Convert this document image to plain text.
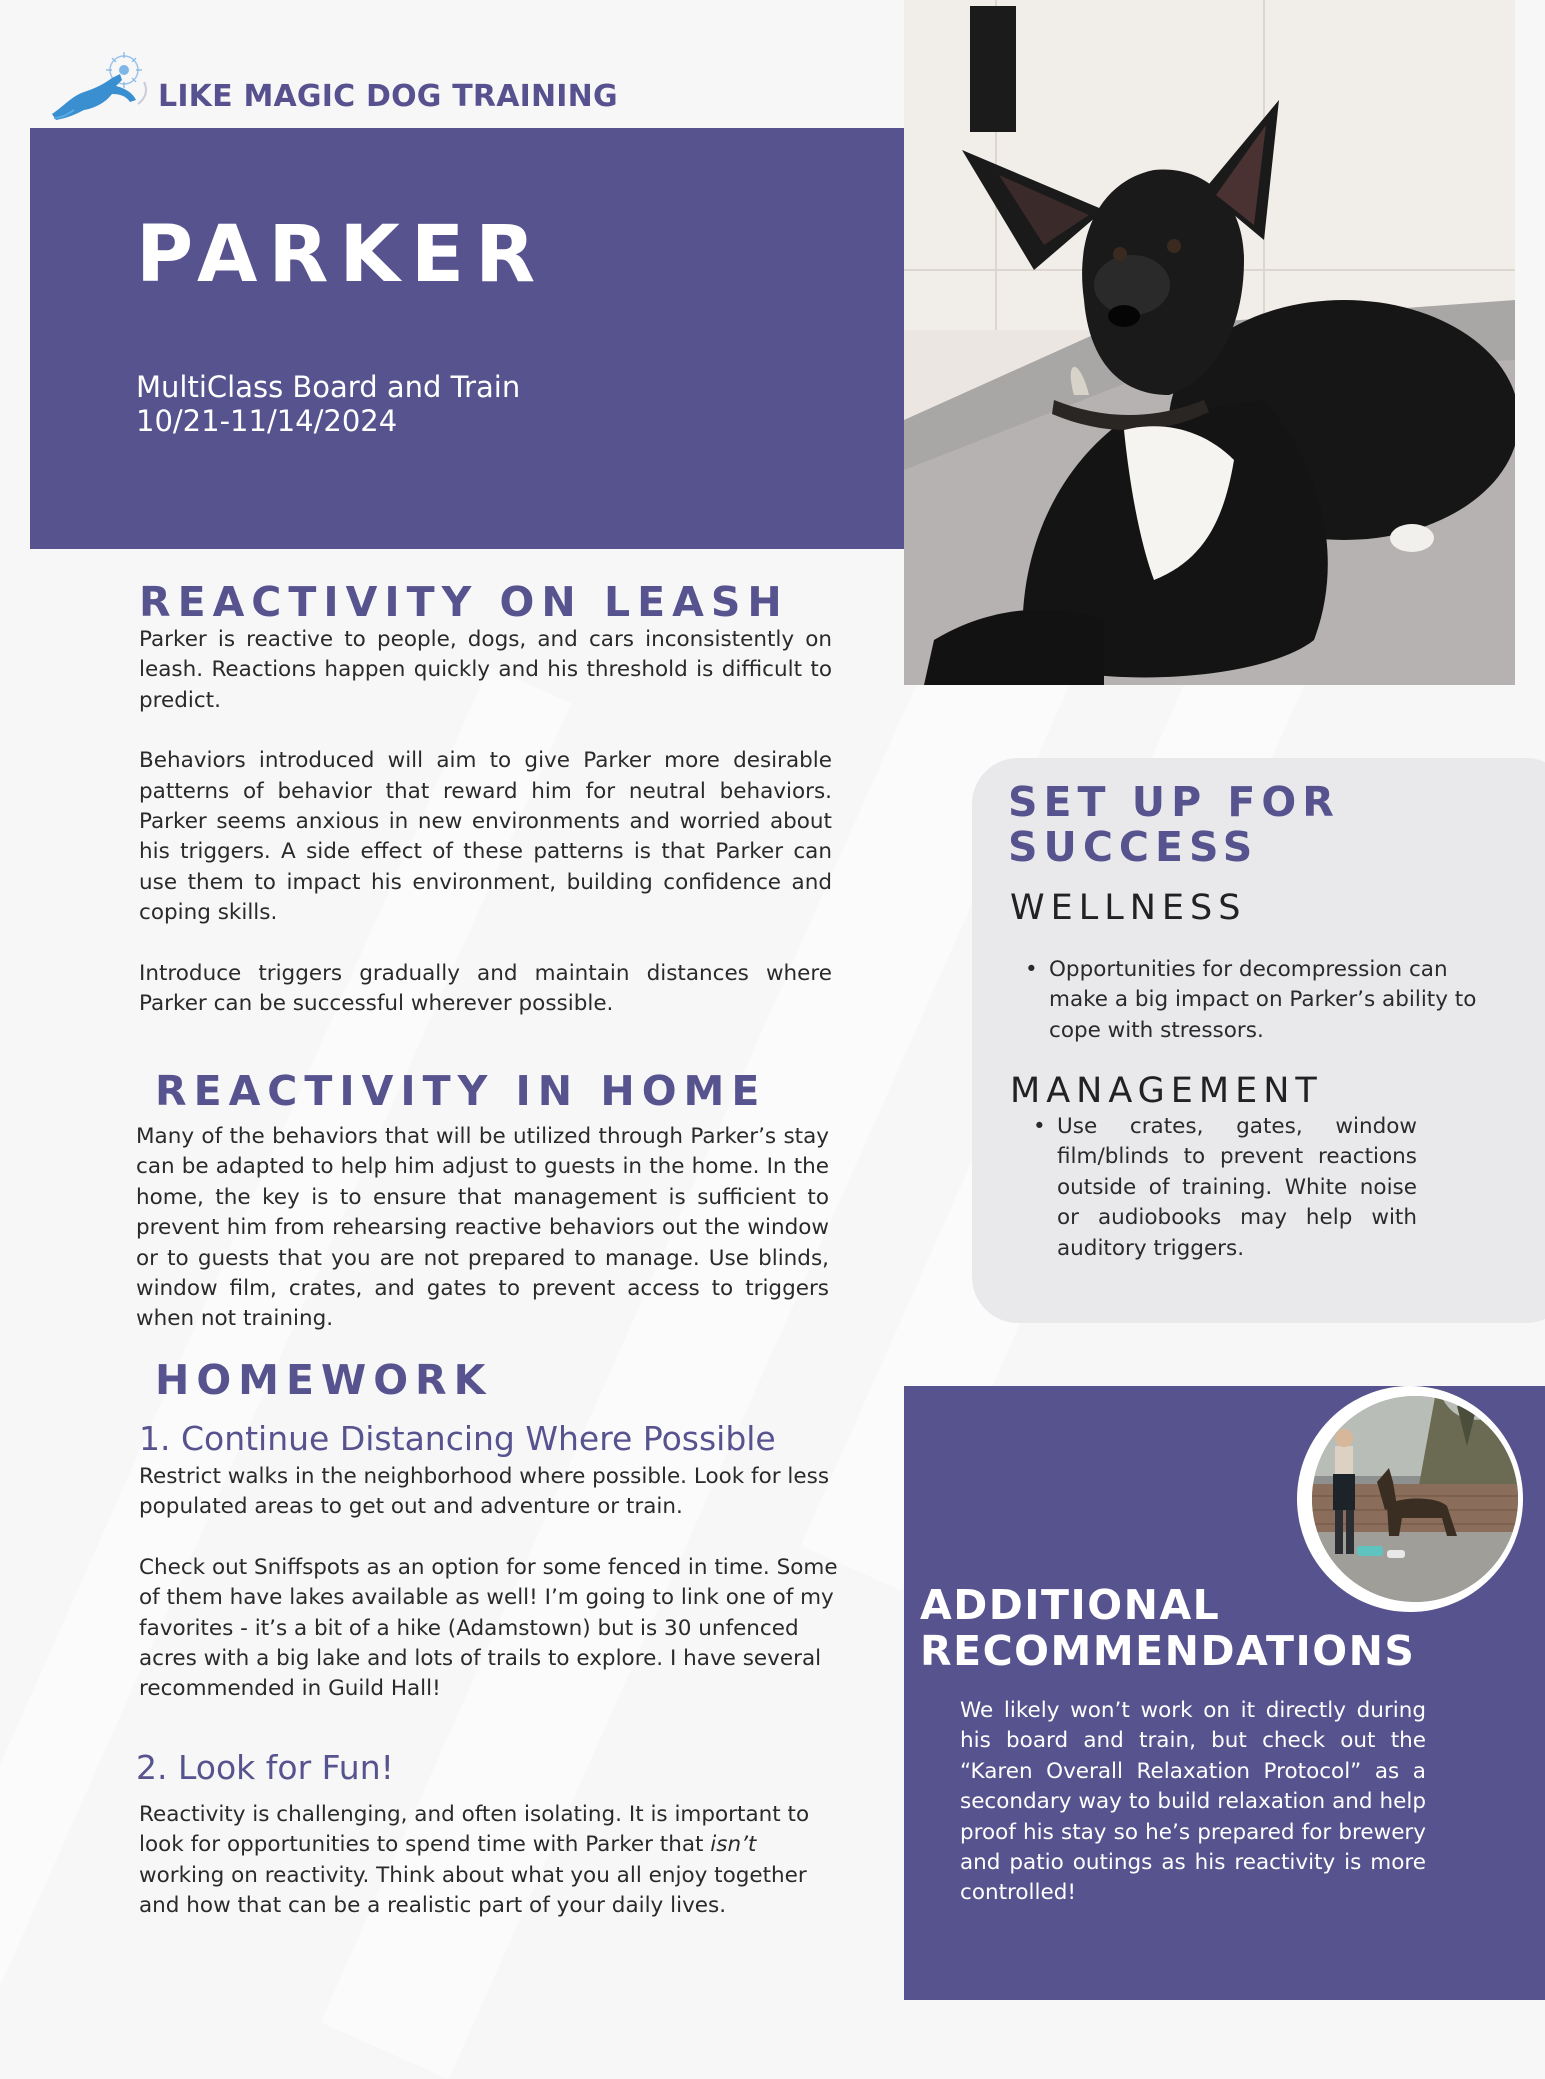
LIKE MAGIC DOG TRAINING
PARKER
MultiClass Board and Train
10/21-11/14/2024
REACTIVITY ON LEASH

Parker is reactive to people, dogs, and cars inconsistently on leash. Reactions happen quickly and his threshold is difficult to predict.

Behaviors introduced will aim to give Parker more desirable patterns of behavior that reward him for neutral behaviors. Parker seems anxious in new environments and worried about his triggers. A side effect of these patterns is that Parker can use them to impact his environment, building confidence and coping skills.

Introduce triggers gradually and maintain distances where Parker can be successful wherever possible.

REACTIVITY IN HOME

Many of the behaviors that will be utilized through Parker’s stay can be adapted to help him adjust to guests in the home. In the home, the key is to ensure that management is sufficient to prevent him from rehearsing reactive behaviors out the window or to guests that you are not prepared to manage. Use blinds, window film, crates, and gates to prevent access to triggers when not training.

HOMEWORK
1. Continue Distancing Where Possible

Restrict walks in the neighborhood where possible. Look for less populated areas to get out and adventure or train.

Check out Sniffspots as an option for some fenced in time. Some of them have lakes available as well! I’m going to link one of my favorites - it’s a bit of a hike (Adamstown) but is 30 unfenced acres with a big lake and lots of trails to explore. I have several recommended in Guild Hall!

2. Look for Fun!

Reactivity is challenging, and often isolating. It is important to look for opportunities to spend time with Parker that isn’t working on reactivity. Think about what you all enjoy together and how that can be a realistic part of your daily lives.

SET UP FOR
SUCCESS
WELLNESS
• Opportunities for decompression can make a big impact on Parker’s ability to cope with stressors.
MANAGEMENT
• Use crates, gates, window film/blinds to prevent reactions outside of training. White noise or audiobooks may help with auditory triggers.
ADDITIONAL
RECOMMENDATIONS

We likely won’t work on it directly during his board and train, but check out the “Karen Overall Relaxation Protocol” as a secondary way to build relaxation and help proof his stay so he’s prepared for brewery and patio outings as his reactivity is more controlled!
